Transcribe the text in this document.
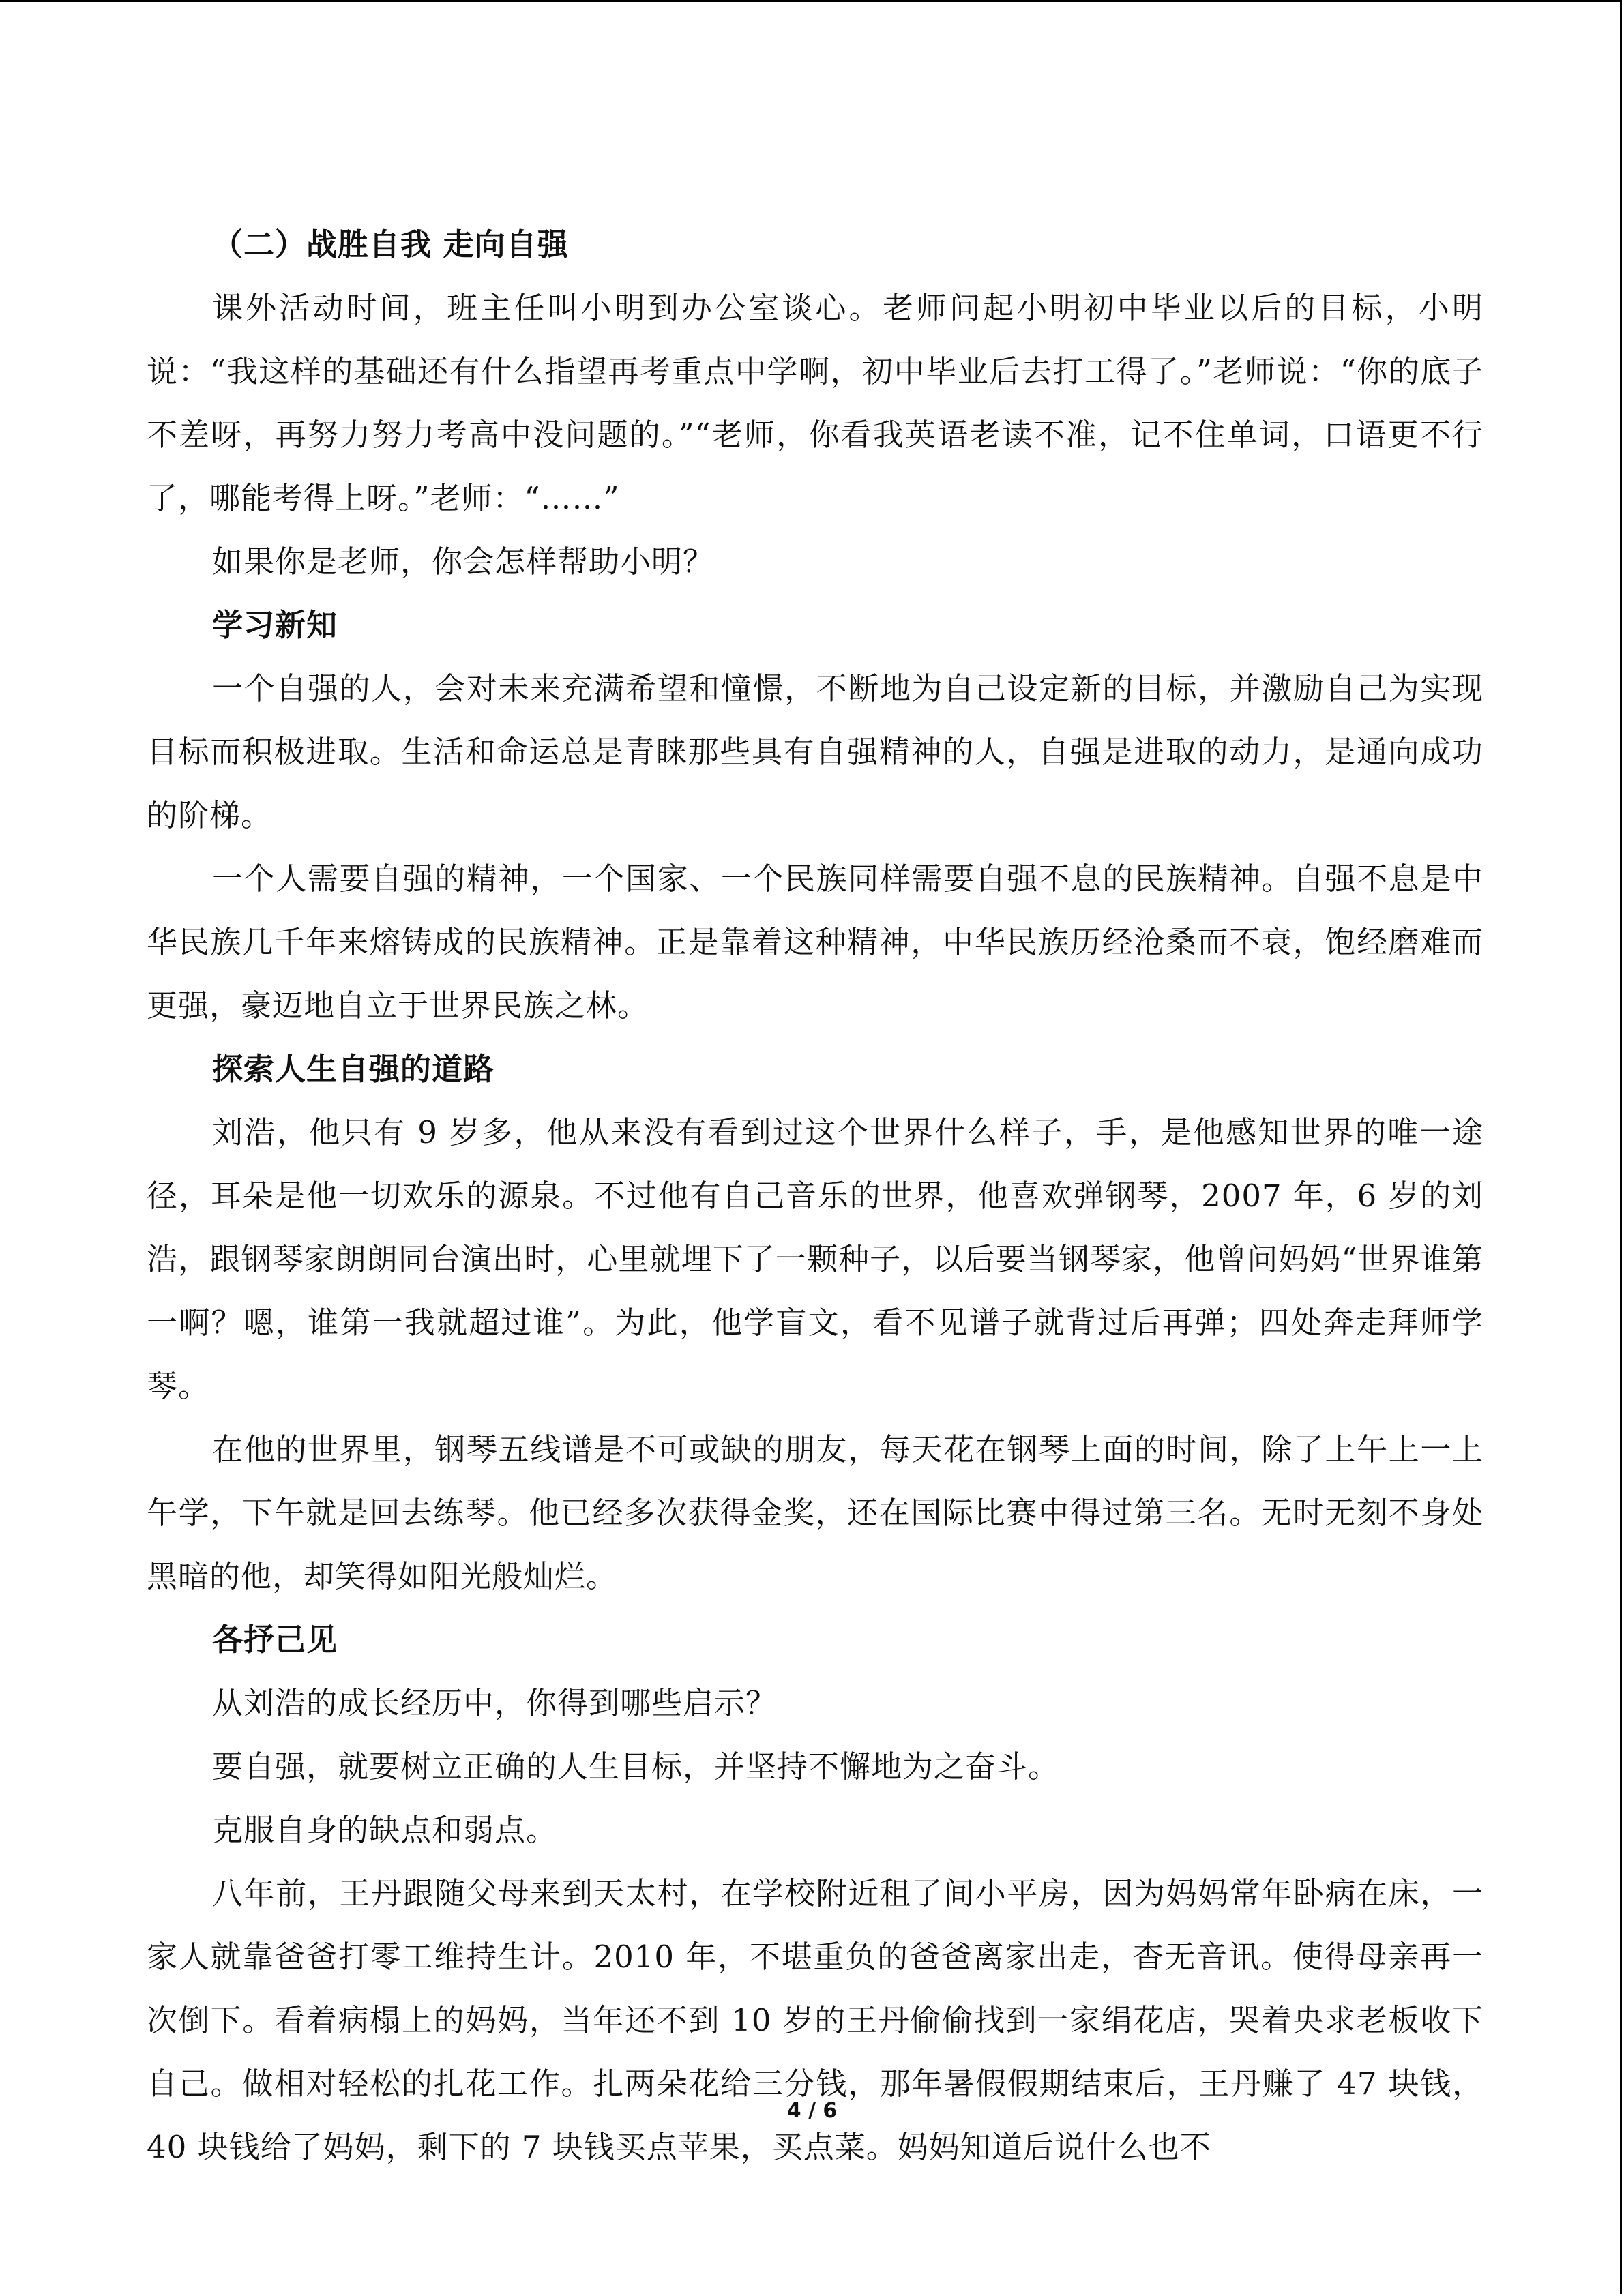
（二）战胜自我 走向自强

课外活动时间，班主任叫小明到办公室谈心。老师问起小明初中毕业以后的目标，小明说：“我这样的基础还有什么指望再考重点中学啊，初中毕业后去打工得了。”老师说：“你的底子不差呀，再努力努力考高中没问题的。”“老师，你看我英语老读不准，记不住单词，口语更不行了，哪能考得上呀。”老师：“……”

如果你是老师，你会怎样帮助小明？

学习新知

一个自强的人，会对未来充满希望和憧憬，不断地为自己设定新的目标，并激励自己为实现目标而积极进取。生活和命运总是青睐那些具有自强精神的人，自强是进取的动力，是通向成功的阶梯。

一个人需要自强的精神，一个国家、一个民族同样需要自强不息的民族精神。自强不息是中华民族几千年来熔铸成的民族精神。正是靠着这种精神，中华民族历经沧桑而不衰，饱经磨难而更强，豪迈地自立于世界民族之林。

探索人生自强的道路

刘浩，他只有 9 岁多，他从来没有看到过这个世界什么样子，手，是他感知世界的唯一途径，耳朵是他一切欢乐的源泉。不过他有自己音乐的世界，他喜欢弹钢琴，2007 年，6 岁的刘浩，跟钢琴家朗朗同台演出时，心里就埋下了一颗种子，以后要当钢琴家，他曾问妈妈“世界谁第一啊？嗯，谁第一我就超过谁”。为此，他学盲文，看不见谱子就背过后再弹；四处奔走拜师学琴。

在他的世界里，钢琴五线谱是不可或缺的朋友，每天花在钢琴上面的时间，除了上午上一上午学，下午就是回去练琴。他已经多次获得金奖，还在国际比赛中得过第三名。无时无刻不身处黑暗的他，却笑得如阳光般灿烂。

各抒己见

从刘浩的成长经历中，你得到哪些启示？

要自强，就要树立正确的人生目标，并坚持不懈地为之奋斗。

克服自身的缺点和弱点。

八年前，王丹跟随父母来到天太村，在学校附近租了间小平房，因为妈妈常年卧病在床，一家人就靠爸爸打零工维持生计。2010 年，不堪重负的爸爸离家出走，杳无音讯。使得母亲再一次倒下。看着病榻上的妈妈，当年还不到 10 岁的王丹偷偷找到一家绢花店，哭着央求老板收下自己。做相对轻松的扎花工作。扎两朵花给三分钱，那年暑假假期结束后，王丹赚了 47 块钱，40 块钱给了妈妈，剩下的 7 块钱买点苹果，买点菜。妈妈知道后说什么也不

4 / 6
